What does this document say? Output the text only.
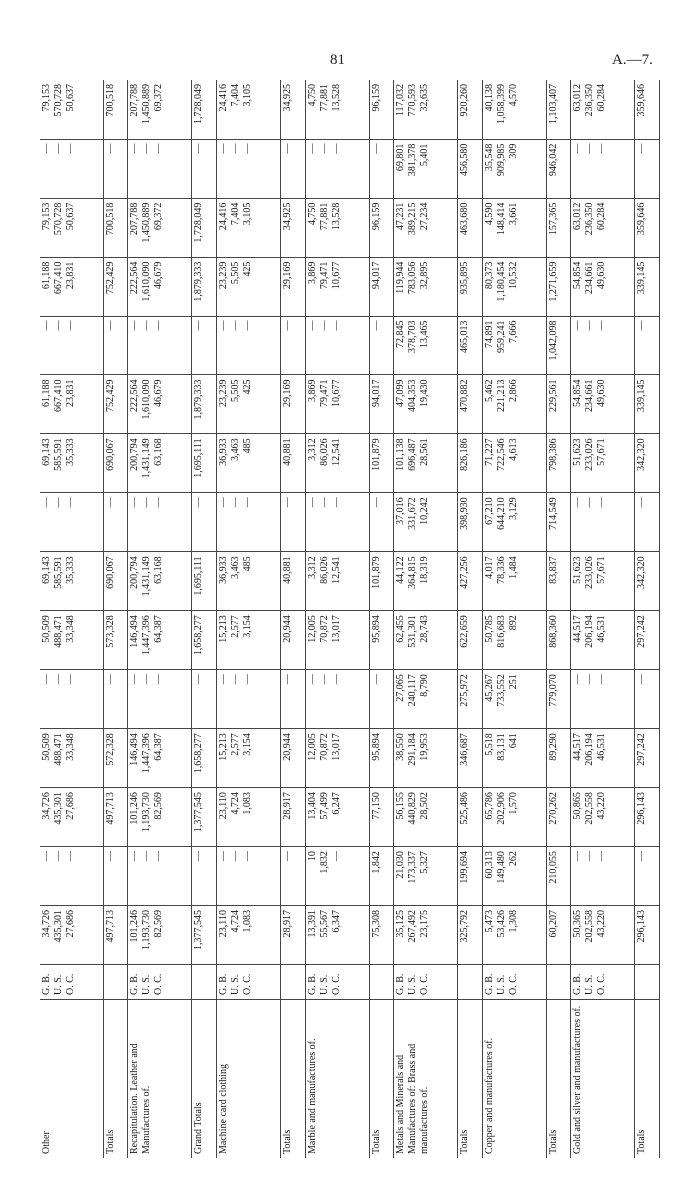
81	A.—7.
Other	G. B. U. S. O. C.	34,726 435,301 27,686	— — —	34,726 435,301 27,686	50,509 488,471 33,348	— — —	50,509 488,471 33,348	69,143 585,591 35,333	— — —	69,143 585,591 35,333	61,188 667,410 23,831	— — —	61,188 667,410 23,831	79,153 570,728 50,637	— — —	79,153 570,728 50,637

Totals		497,713	—	497,713	572,328	—	573,328	690,067	—	690,067	752,429	—	752,429	700,518	—	700,518

Recapitulation. Leather and Manufactures of.	G. B. U. S. O. C.	101,246 1,193,730 82,569	— — —	101,246 1,193,730 82,569	146,494 1,447,396 64,387	— — —	146,494 1,447,396 64,387	200,794 1,431,149 63,168	— — —	200,794 1,431,149 63,168	222,564 1,610,090 46,679	— — —	222,564 1,610,090 46,679	207,788 1,450,889 69,372	— — —	207,788 1,450,889 69,372

Grand Totals		1,377,545	—	1,377,545	1,658,277	—	1,658,277	1,695,111	—	1,695,111	1,879,333	—	1,879,333	1,728,049	—	1,728,049

Machine card clothing	G. B. U. S. O. C.	23,110 4,724 1,083	— — —	23,110 4,724 1,083	15,213 2,577 3,154	— — —	15,213 2,577 3,154	36,933 3,463 485	— — —	36,933 3,463 485	23,239 5,505 425	— — —	23,239 5,505 425	24,416 7,404 3,105	— — —	24,416 7,404 3,105

Totals		28,917	—	28,917	20,944	—	20,944	40,881	—	40,881	29,169	—	29,169	34,925	—	34,925

Marble and manufactures of.	G. B. U. S. O. C.	13,391 55,567 6,347	10 1,832 —	13,404 57,499 6,247	12,005 70,872 13,017	— — —	12,005 70,872 13,017	3,312 86,026 12,541	— — —	3,312 86,026 12,541	3,869 79,471 10,677	— — —	3,869 79,471 10,677	4,750 77,881 13,528	— — —	4,750 77,881 13,528

Totals		75,308	1,842	77,150	95,894	—	95,894	101,879	—	101,879	94,017	—	94,017	96,159	—	96,159

Metals and Minerals and Manufactures of: Brass and manufactures of.	G. B. U. S. O. C.	35,125 267,492 23,175	21,030 173,337 5,327	56,155 440,829 28,502	38,550 291,184 19,953	27,065 240,117 8,790	62,455 531,301 28,743	44,122 364,815 18,319	37,016 331,672 10,242	101,138 696,487 28,561	47,099 404,353 19,430	72,845 378,703 13,465	119,944 783,056 32,895	47,231 389,215 27,234	69,801 381,378 5,401	117,032 770,593 32,635

Totals		325,792	199,694	525,486	346,687	275,972	622,659	427,256	398,930	826,186	470,882	465,013	935,895	463,680	456,580	920,260

Copper and manufactures of.	G. B. U. S. O. C.	5,473 53,426 1,308	60,313 149,480 262	65,786 202,906 1,570	5,518 83,131 641	45,267 733,552 251	50,785 816,683 892	4,017 78,336 1,484	67,210 644,210 3,129	71,227 722,546 4,613	5,462 221,213 2,866	74,891 959,241 7,666	80,373 1,180,454 10,532	4,590 148,414 3,661	35,548 909,985 309	40,138 1,058,399 4,570

Totals		60,207	210,055	270,262	89,290	779,070	868,360	83,837	714,549	798,386	229,561	1,042,098	1,271,659	157,365	946,042	1,103,407

Gold and silver and manufactures of.	G. B. U. S. O. C.	50,365 202,558 43,220	— — —	50,865 202,558 43,220	44,517 206,194 46,531	— — —	44,517 206,194 46,531	51,623 233,026 57,671	— — —	51,623 233,026 57,671	54,854 234,661 49,630	— — —	54,854 234,661 49,630	63,012 236,350 60,284	— — —	63,012 236,350 60,284

Totals		296,143	—	296,143	297,242	—	297,242	342,320	—	342,320	339,145	—	339,145	359,646	—	359,646
